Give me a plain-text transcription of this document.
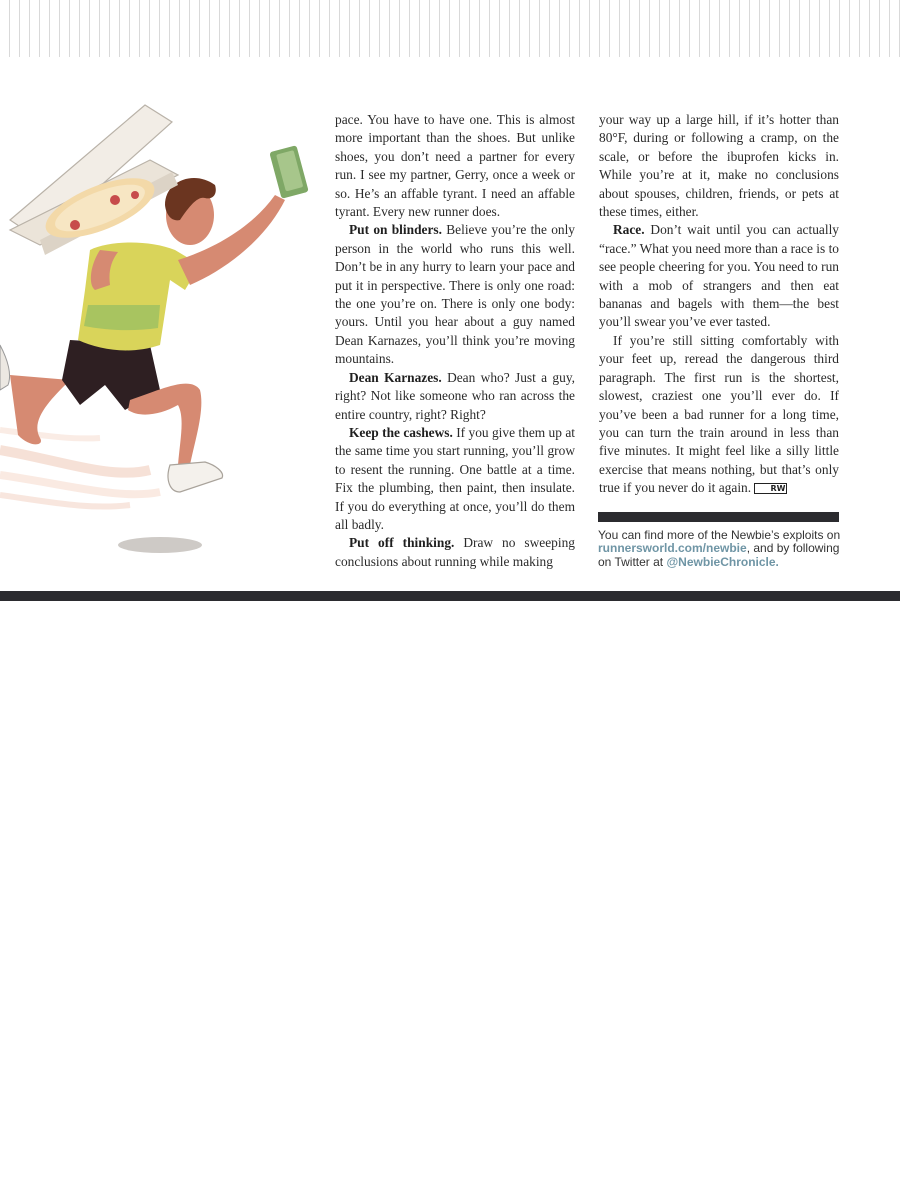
pace. You have to have one. This is almost more important than the shoes. But unlike shoes, you don’t need a partner for every run. I see my partner, Gerry, once a week or so. He’s an affable tyrant. I need an affable tyrant. Every new runner does.

Put on blinders. Believe you’re the only person in the world who runs this well. Don’t be in any hurry to learn your pace and put it in perspective. There is only one road: the one you’re on. There is only one body: yours. Until you hear about a guy named Dean Karnazes, you’ll think you’re moving mountains.

Dean Karnazes. Dean who? Just a guy, right? Not like someone who ran across the entire country, right? Right?

Keep the cashews. If you give them up at the same time you start running, you’ll grow to resent the running. One battle at a time. Fix the plumbing, then paint, then insulate. If you do everything at once, you’ll do them all badly.

Put off thinking. Draw no sweeping conclusions about running while making

your way up a large hill, if it’s hotter than 80°F, during or following a cramp, on the scale, or before the ibuprofen kicks in. While you’re at it, make no conclusions about spouses, children, friends, or pets at these times, either.

Race. Don’t wait until you can actually “race.” What you need more than a race is to see people cheering for you. You need to run with a mob of strangers and then eat bananas and bagels with them—the best you’ll swear you’ve ever tasted.

If you’re still sitting comfortably with your feet up, reread the dangerous third paragraph. The first run is the shortest, slowest, craziest one you’ll ever do. If you’ve been a bad runner for a long time, you can turn the train around in less than five minutes. It might feel like a silly little exercise that means nothing, but that’s only true if you never do it again. RW

You can find more of the Newbie’s exploits on runnersworld.com/newbie, and by following on Twitter at @NewbieChronicle.
